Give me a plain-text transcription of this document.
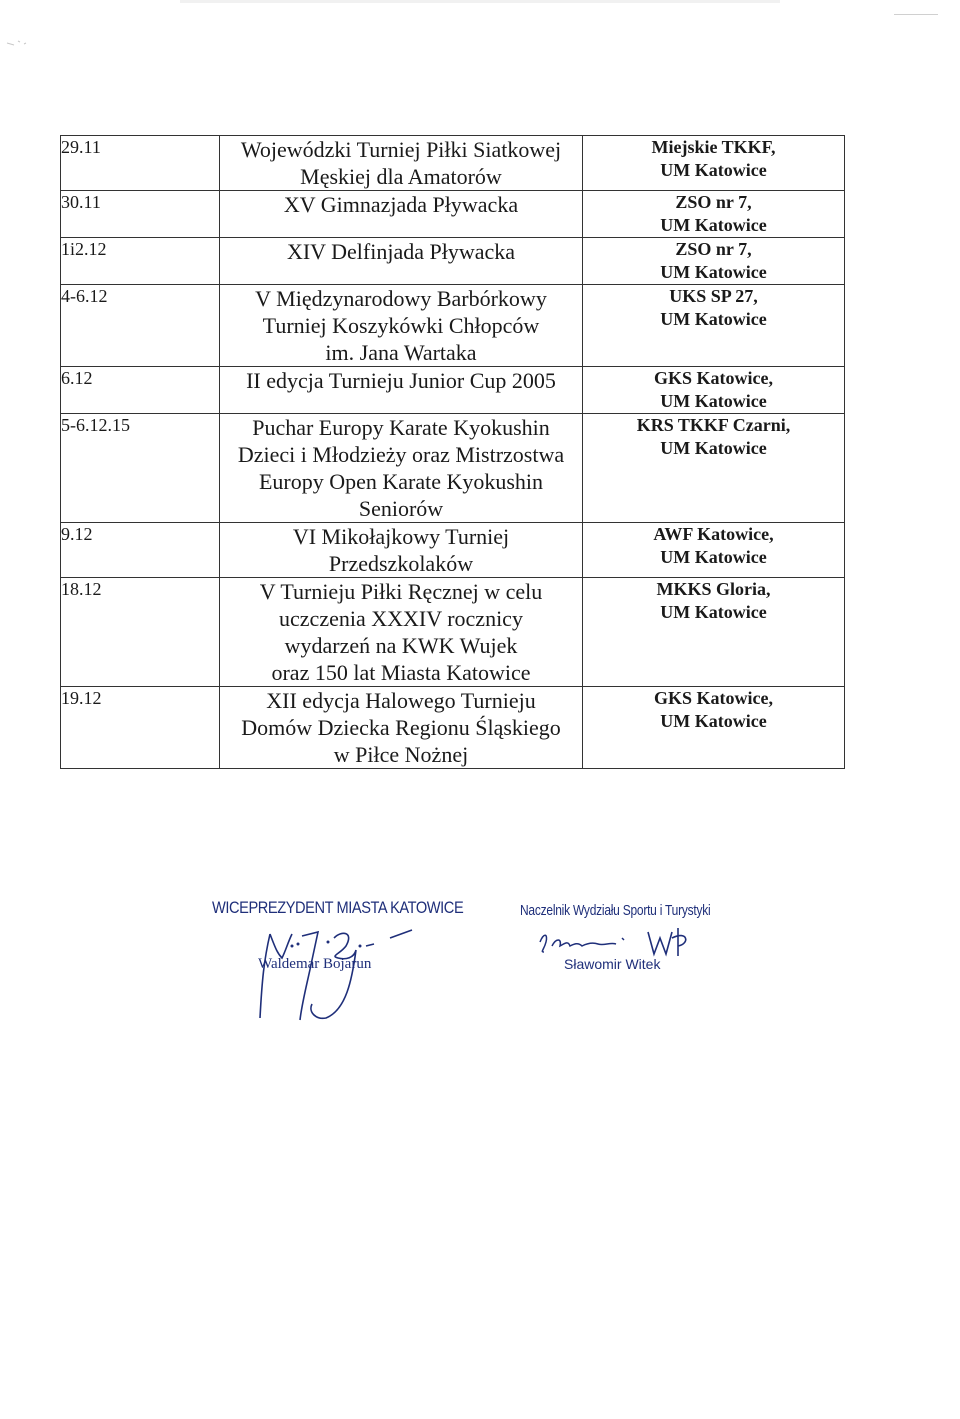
29.11	Wojewódzki Turniej Piłki Siatkowej
Męskiej dla Amatorów	Miejskie TKKF,
UM Katowice

30.11	XV Gimnazjada Pływacka	ZSO nr 7,
UM Katowice

1i2.12	XIV Delfinjada Pływacka	ZSO nr 7,
UM Katowice

4-6.12	V Międzynarodowy Barbórkowy
Turniej Koszykówki Chłopców
im. Jana Wartaka	UKS SP 27,
UM Katowice

6.12	II edycja Turnieju Junior Cup 2005	GKS Katowice,
UM Katowice

5-6.12.15	Puchar Europy Karate Kyokushin
Dzieci i Młodzieży oraz Mistrzostwa
Europy Open Karate Kyokushin
Seniorów	KRS TKKF Czarni,
UM Katowice

9.12	VI Mikołajkowy Turniej
Przedszkolaków	AWF Katowice,
UM Katowice

18.12	V Turnieju Piłki Ręcznej w celu
uczczenia XXXIV rocznicy
wydarzeń na KWK Wujek
oraz 150 lat Miasta Katowice	MKKS Gloria,
UM Katowice

19.12	XII edycja Halowego Turnieju
Domów Dziecka Regionu Śląskiego
w Piłce Nożnej	GKS Katowice,
UM Katowice
WICEPREZYDENT MIASTA KATOWICE
Waldemar Bojarun
Naczelnik Wydziału Sportu i Turystyki
Sławomir Witek
